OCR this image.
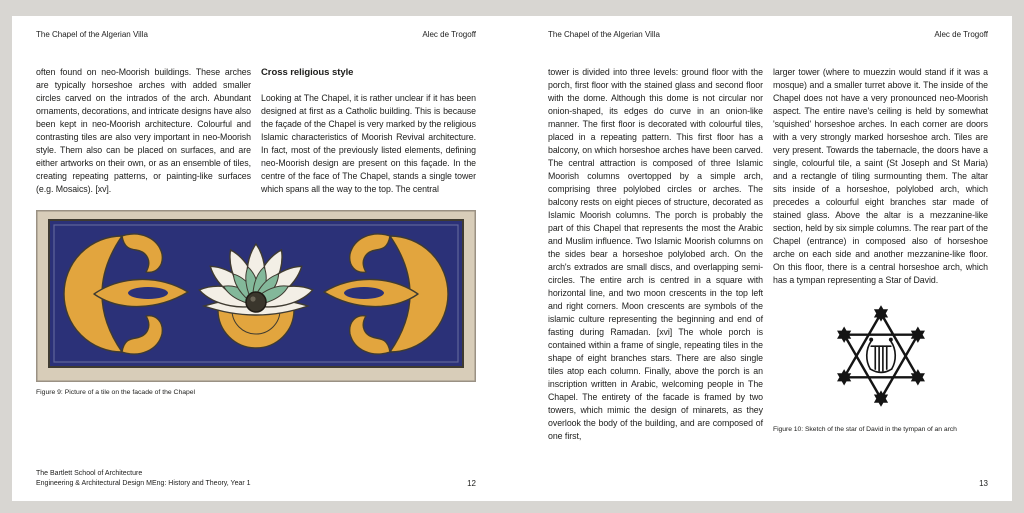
The Chapel of the Algerian Villa	Alec de Trogoff

often found on neo-Moorish buildings. These arches are typically horseshoe arches with added smaller circles carved on the intrados of the arch. Abundant ornaments, decorations, and intricate designs have also been kept in neo-Moorish architecture. Colourful and contrasting tiles are also very important in neo-Moorish style. Them also can be placed on surfaces, and are either artworks on their own, or as an ensemble of tiles, creating repeating patterns, or painting-like surfaces (e.g. Mosaics). [xv].

Cross religious style

Looking at The Chapel, it is rather unclear if it has been designed at first as a Catholic building. This is because the façade of the Chapel is very marked by the religious Islamic characteristics of Moorish Revival architecture. In fact, most of the previously listed elements, defining neo-Moorish design are present on this façade. In the centre of the face of The Chapel, stands a single tower which spans all the way to the top. The central

Figure 9: Picture of a tile on the facade of the Chapel
The Bartlett School of Architecture
Engineering & Architectural Design MEng: History and Theory, Year 1	12
The Chapel of the Algerian Villa	Alec de Trogoff

tower is divided into three levels: ground floor with the porch, first floor with the stained glass and second floor with the dome. Although this dome is not circular nor onion-shaped, its edges do curve in an onion-like manner. The first floor is decorated with colourful tiles, placed in a repeating pattern. This first floor has a balcony, on which horseshoe arches have been carved. The central attraction is composed of three Islamic Moorish columns overtopped by a simple arch, comprising three polylobed circles or arches. The balcony rests on eight pieces of structure, decorated as Islamic Moorish columns. The porch is probably the part of this Chapel that represents the most the Arabic and Muslim influence. Two Islamic Moorish columns on the sides bear a horseshoe polylobed arch. On the arch's extrados are small discs, and overlapping semi-circles. The entire arch is centred in a square with horizontal line, and two moon crescents in the top left and right corners. Moon crescents are symbols of the islamic culture representing the beginning and end of fasting during Ramadan. [xvi] The whole porch is contained within a frame of single, repeating tiles in the shape of eight branches stars. There are also single tiles atop each column. Finally, above the porch is an inscription written in Arabic, welcoming people in The Chapel. The entirety of the facade is framed by two towers, which mimic the design of minarets, as they overlook the body of the building, and are composed of one first,

larger tower (where to muezzin would stand if it was a mosque) and a smaller turret above it. The inside of the Chapel does not have a very pronounced neo-Moorish aspect. The entire nave's ceiling is held by somewhat 'squished' horseshoe arches. In each corner are doors with a very strongly marked horseshoe arch. Tiles are very present. Towards the tabernacle, the doors have a single, colourful tile, a saint (St Joseph and St Maria) and a rectangle of tiling surmounting them. The altar sits inside of a horseshoe, polylobed arch, which precedes a colourful eight branches star made of stained glass. Above the altar is a mezzanine-like section, held by six simple columns. The rear part of the Chapel (entrance) in composed also of horseshoe arche on each side and another mezzanine-like floor. On this floor, there is a central horseshoe arch, which has a tympan representing a Star of David.

Figure 10: Sketch of the star of David in the tympan of an arch
13
